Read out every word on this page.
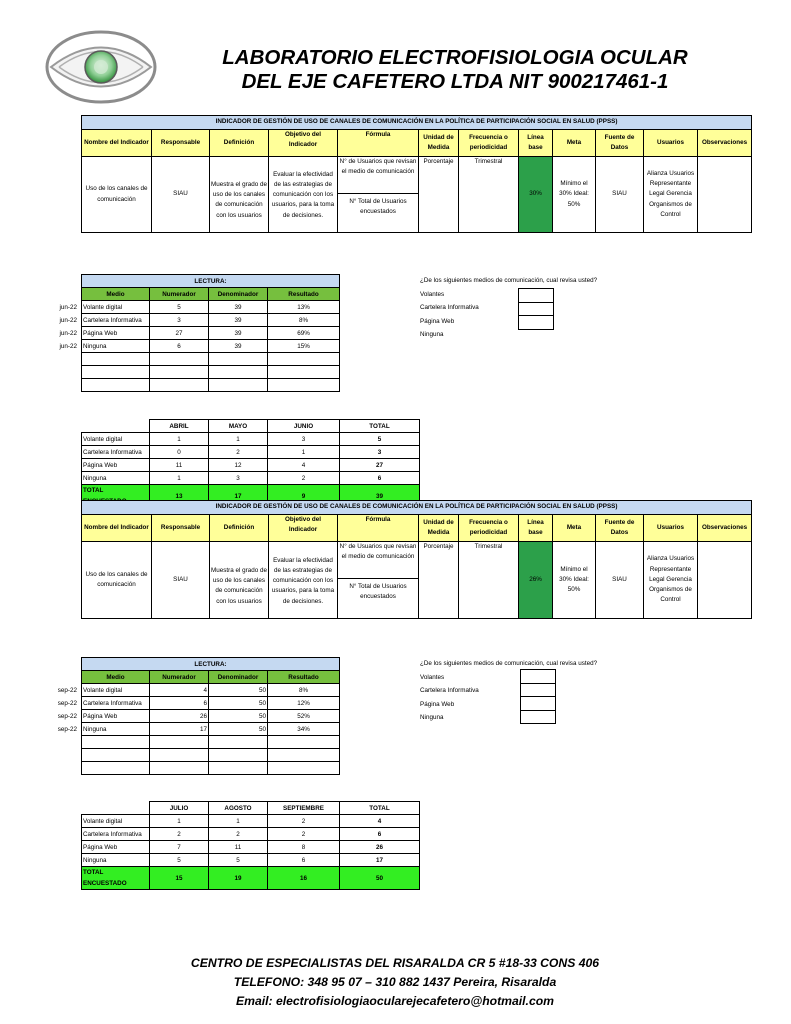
LABORATORIO ELECTROFISIOLOGIA OCULAR
DEL EJE CAFETERO LTDA NIT 900217461-1
INDICADOR DE GESTIÓN DE USO DE CANALES DE COMUNICACIÓN EN LA POLÍTICA DE PARTICIPACIÓN SOCIAL EN SALUD (PPSS)											
Nombre del Indicador	Responsable	Definición	Objetivo del Indicador	Fórmula	Unidad de Medida	Frecuencia o periodicidad	Línea base	Meta	Fuente de Datos	Usuarios	Observaciones
Uso de los canales de comunicación	SIAU	Muestra el grado de uso de los canales de comunicación con los usuarios	Evaluar la efectividad de las estrategias de comunicación con los usuarios, para la toma de decisiones.	N° de Usuarios que revisan el medio de comunicación
N° Total de Usuarios encuestados	Porcentaje	Trimestral	30%	Mínimo el 30% Ideal: 50%	SIAU	Alianza Usuarios Representante Legal Gerencia Organismos de Control	
jun-22
jun-22
jun-22
jun-22
LECTURA:			
Medio	Numerador	Denominador	Resultado
Volante digital	5	39	13%
Cartelera Informativa	3	39	8%
Página Web	27	39	69%
Ninguna	6	39	15%

¿De los siguientes medios de comunicación, cual revisa usted?
Volantes
Cartelera Informativa
Página Web
Ninguna
	ABRIL	MAYO	JUNIO	TOTAL
Volante digital	1	1	3	5
Cartelera Informativa	0	2	1	3
Página Web	11	12	4	27
Ninguna	1	3	2	6
TOTAL	13	17	9	39
INDICADOR DE GESTIÓN DE USO DE CANALES DE COMUNICACIÓN EN LA POLÍTICA DE PARTICIPACIÓN SOCIAL EN SALUD (PPSS)											
Nombre del Indicador	Responsable	Definición	Objetivo del Indicador	Fórmula	Unidad de Medida	Frecuencia o periodicidad	Línea base	Meta	Fuente de Datos	Usuarios	Observaciones
Uso de los canales de comunicación	SIAU	Muestra el grado de uso de los canales de comunicación con los usuarios	Evaluar la efectividad de las estrategias de comunicación con los usuarios, para la toma de decisiones.	N° de Usuarios que revisan el medio de comunicación
N° Total de Usuarios encuestados	Porcentaje	Trimestral	26%	Mínimo el 30% Ideal: 50%	SIAU	Alianza Usuarios Representante Legal Gerencia Organismos de Control	
sep-22
sep-22
sep-22
sep-22
LECTURA:			
Medio	Numerador	Denominador	Resultado
Volante digital	4	50	8%
Cartelera Informativa	6	50	12%
Página Web	26	50	52%
Ninguna	17	50	34%

¿De los siguientes medios de comunicación, cual revisa usted?
Volantes
Cartelera Informativa
Página Web
Ninguna
	JULIO	AGOSTO	SEPTIEMBRE	TOTAL
Volante digital	1	1	2	4
Cartelera Informativa	2	2	2	6
Página Web	7	11	8	26
Ninguna	5	5	6	17
TOTAL ENCUESTADO	15	19	16	50
CENTRO DE ESPECIALISTAS DEL RISARALDA CR 5 #18-33 CONS 406
TELEFONO: 348 95 07 – 310 882 1437 Pereira, Risaralda
Email: electrofisiologiaocularejecafetero@hotmail.com
